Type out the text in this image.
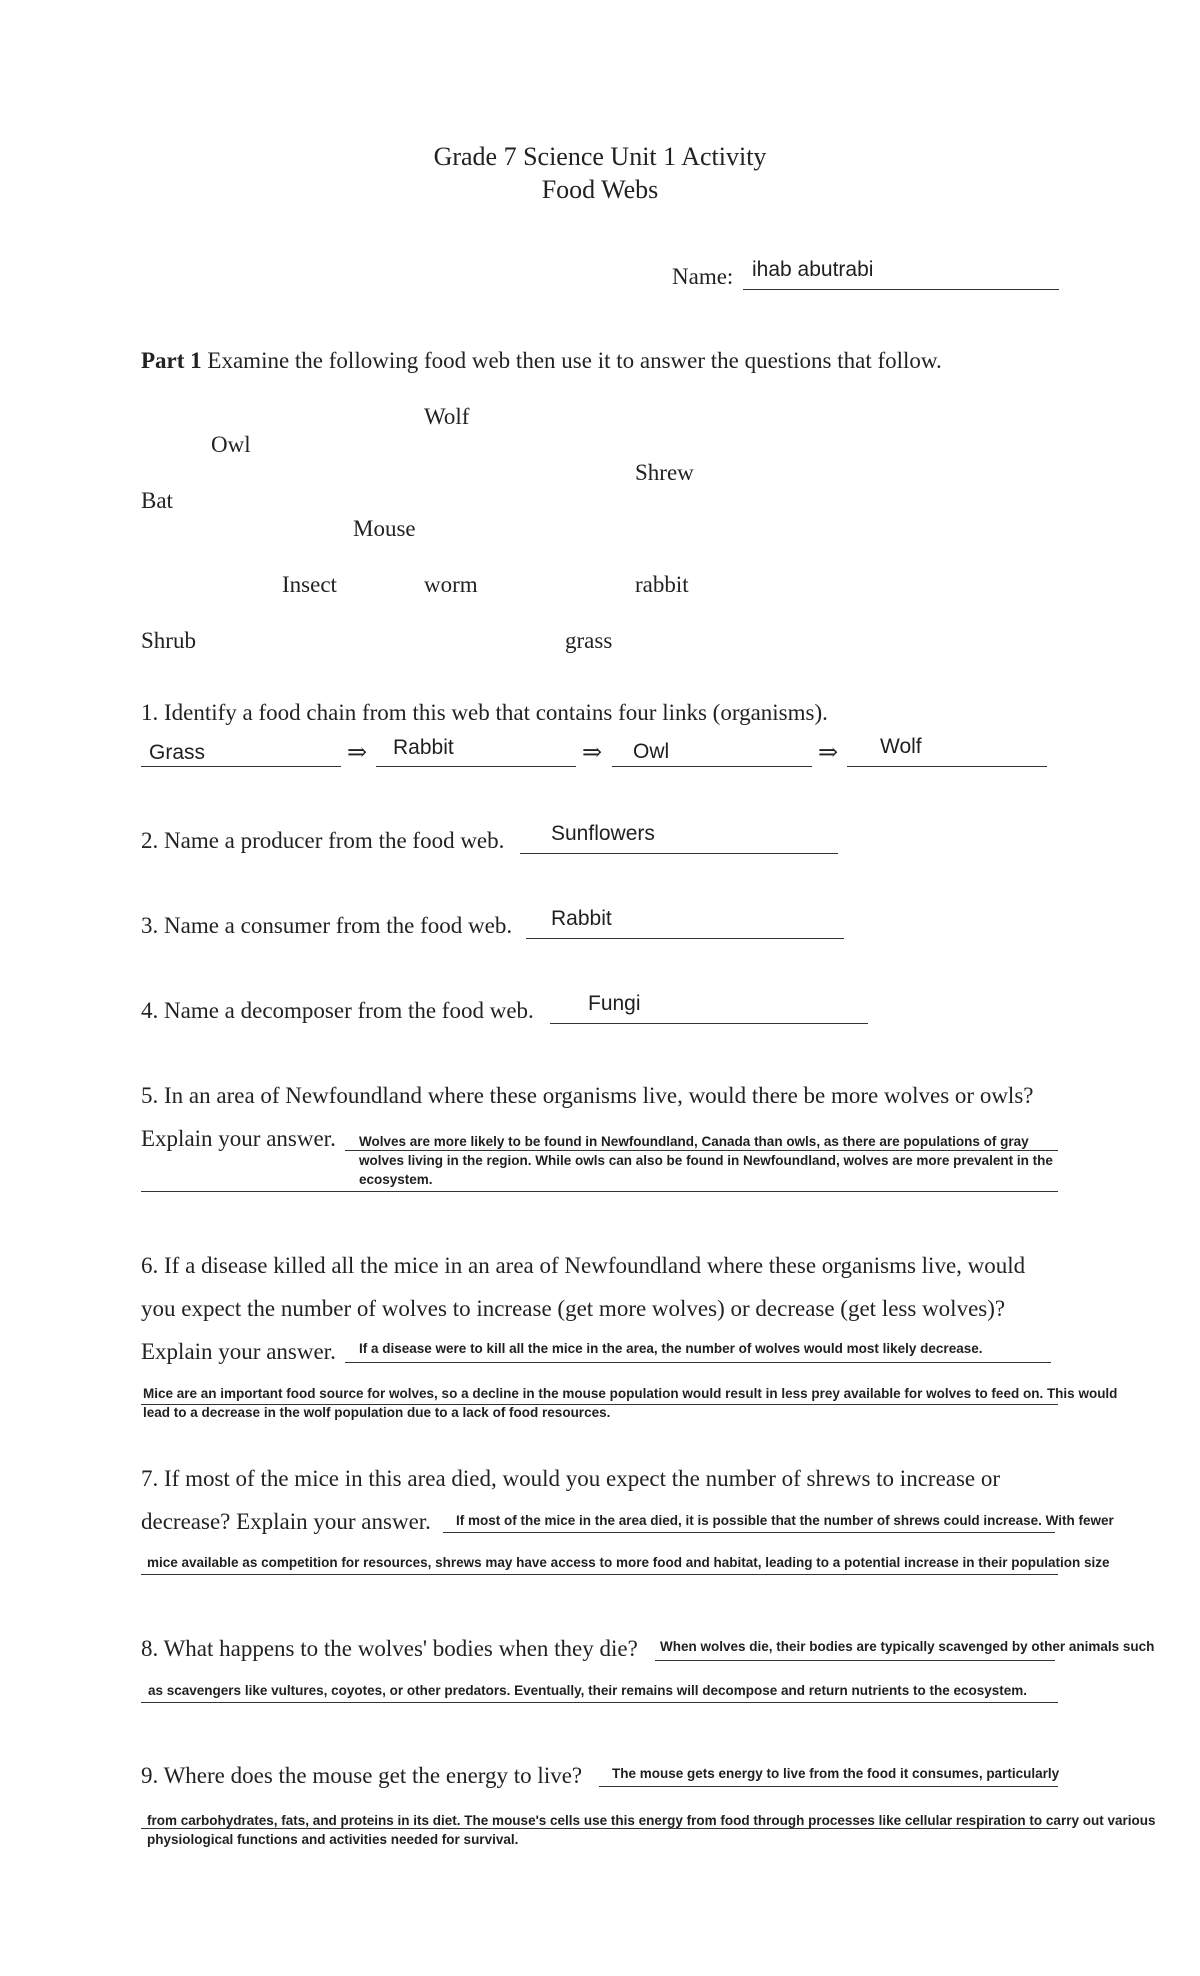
Grade 7 Science Unit 1 Activity
Food Webs
Name: ihab abutrabi
Part 1 Examine the following food web then use it to answer the questions that follow.
Wolf
Owl
Shrew
Bat
Mouse
Insect	worm	rabbit
Shrub	grass
1. Identify a food chain from this web that contains four links (organisms).
⇒	⇒	⇒
Grass	Rabbit	Owl	Wolf
2. Name a producer from the food web. Sunflowers
3. Name a consumer from the food web. Rabbit
4. Name a decomposer from the food web.	Fungi
5. In an area of Newfoundland where these organisms live, would there be more wolves or owls?
Explain your answer. Wolves are more likely to be found in Newfoundland, Canada than owls, as there are populations of gray wolves living in the region. While owls can also be found in Newfoundland, wolves are more prevalent in the ecosystem.
6. If a disease killed all the mice in an area of Newfoundland where these organisms live, would
you expect the number of wolves to increase (get more wolves) or decrease (get less wolves)?
Explain your answer. If a disease were to kill all the mice in the area, the number of wolves would most likely decrease.
Mice are an important food source for wolves, so a decline in the mouse population would result in less prey available for wolves to feed on. This would lead to a decrease in the wolf population due to a lack of food resources.
7. If most of the mice in this area died, would you expect the number of shrews to increase or
decrease? Explain your answer. If most of the mice in the area died, it is possible that the number of shrews could increase. With fewer
mice available as competition for resources, shrews may have access to more food and habitat, leading to a potential increase in their population size
8. What happens to the wolves' bodies when they die? When wolves die, their bodies are typically scavenged by other animals such
as scavengers like vultures, coyotes, or other predators. Eventually, their remains will decompose and return nutrients to the ecosystem.
9. Where does the mouse get the energy to live? The mouse gets energy to live from the food it consumes, particularly
from carbohydrates, fats, and proteins in its diet. The mouse's cells use this energy from food through processes like cellular respiration to carry out various physiological functions and activities needed for survival.
